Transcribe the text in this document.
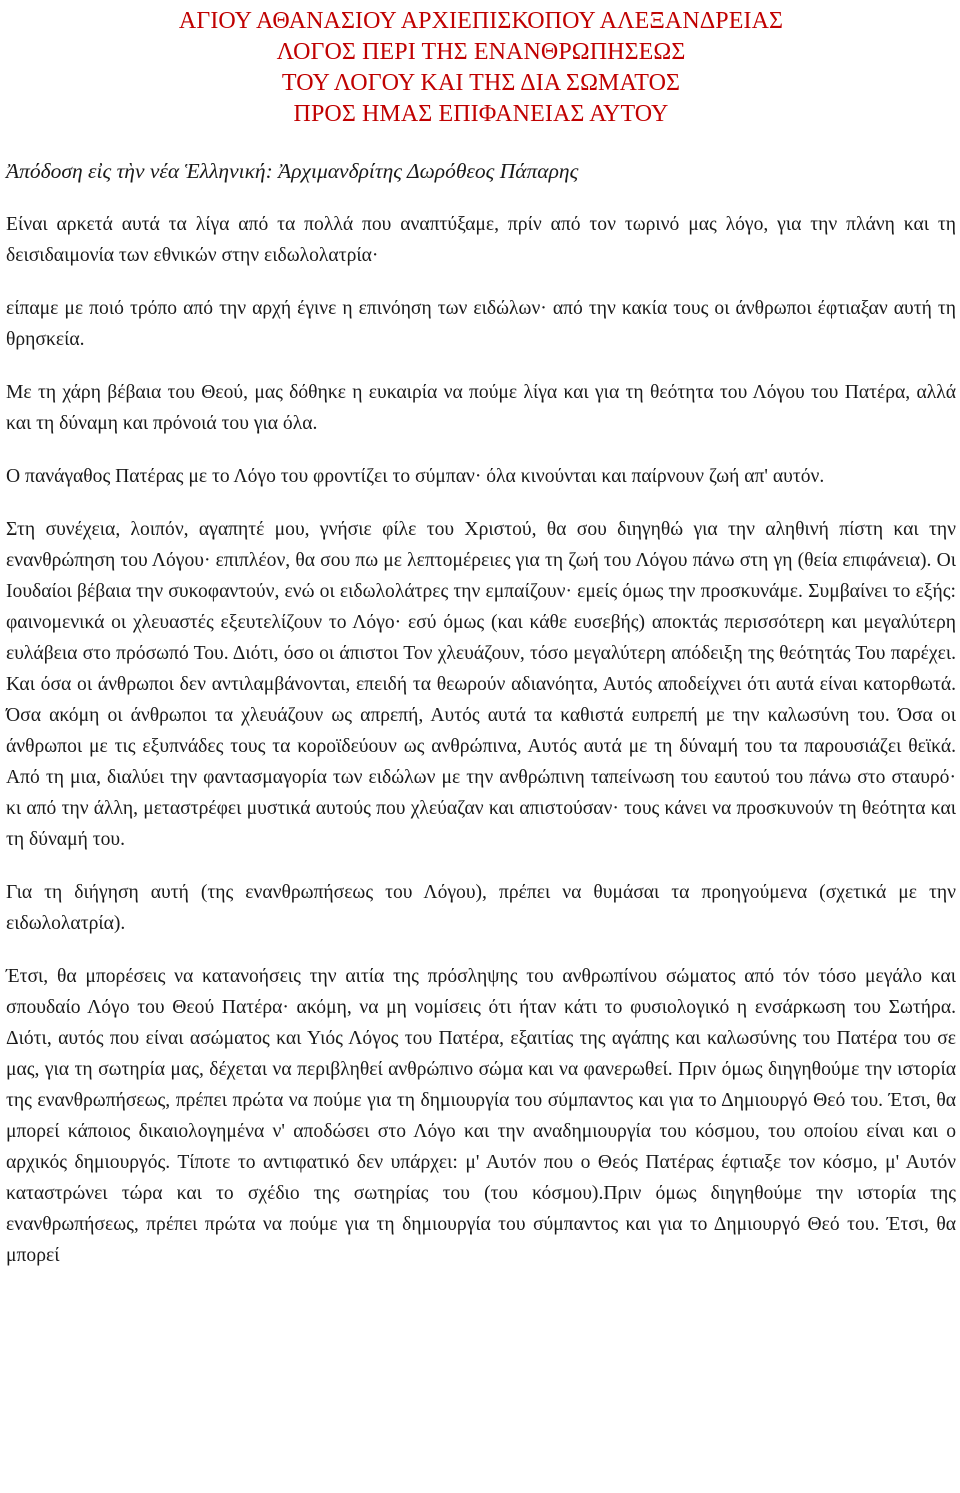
ΑΓΙΟΥ ΑΘΑΝΑΣΙΟΥ ΑΡΧΙΕΠΙΣΚΟΠΟΥ ΑΛΕΞΑΝΔΡΕΙΑΣ
ΛΟΓΟΣ ΠΕΡΙ ΤΗΣ ΕΝΑΝΘΡΩΠΗΣΕΩΣ
ΤΟΥ ΛΟΓΟΥ ΚΑΙ ΤΗΣ ΔΙΑ ΣΩΜΑΤΟΣ
ΠΡΟΣ ΗΜΑΣ ΕΠΙΦΑΝΕΙΑΣ ΑΥΤΟΥ
Ἀπόδοση εἰς τὴν νέα Ἑλληνική: Ἀρχιμανδρίτης Δωρόθεος Πάπαρης

Είναι αρκετά αυτά τα λίγα από τα πολλά που αναπτύξαμε, πρίν από τον τωρινό μας λόγο, για την πλάνη και τη δεισιδαιμονία των εθνικών στην ειδωλολατρία·

είπαμε με ποιό τρόπο από την αρχή έγινε η επινόηση των ειδώλων· από την κακία τους οι άνθρωποι έφτιαξαν αυτή τη θρησκεία.

Με τη χάρη βέβαια του Θεού, μας δόθηκε η ευκαιρία να πούμε λίγα και για τη θεότητα του Λόγου του Πατέρα, αλλά και τη δύναμη και πρόνοιά του για όλα.

Ο πανάγαθος Πατέρας με το Λόγο του φροντίζει το σύμπαν· όλα κινούνται και παίρνουν ζωή απ' αυτόν.

Στη συνέχεια, λοιπόν, αγαπητέ μου, γνήσιε φίλε του Χριστού, θα σου διηγηθώ για την αληθινή πίστη και την ενανθρώπηση του Λόγου· επιπλέον, θα σου πω με λεπτομέρειες για τη ζωή του Λόγου πάνω στη γη (θεία επιφάνεια). Οι Ιουδαίοι βέβαια την συκοφαντούν, ενώ οι ειδωλολάτρες την εμπαίζουν· εμείς όμως την προσκυνάμε. Συμβαίνει το εξής: φαινομενικά οι χλευαστές εξευτελίζουν το Λόγο· εσύ όμως (και κάθε ευσεβής) αποκτάς περισσότερη και μεγαλύτερη ευλάβεια στο πρόσωπό Του. Διότι, όσο οι άπιστοι Τον χλευάζουν, τόσο μεγαλύτερη απόδειξη της θεότητάς Του παρέχει. Και όσα οι άνθρωποι δεν αντιλαμβάνονται, επειδή τα θεωρούν αδιανόητα, Αυτός αποδείχνει ότι αυτά είναι κατορθωτά. Όσα ακόμη οι άνθρωποι τα χλευάζουν ως απρεπή, Αυτός αυτά τα καθιστά ευπρεπή με την καλωσύνη του. Όσα οι άνθρωποι με τις εξυπνάδες τους τα κοροϊδεύουν ως ανθρώπινα, Αυτός αυτά με τη δύναμή του τα παρουσιάζει θεϊκά. Από τη μια, διαλύει την φαντασμαγορία των ειδώλων με την ανθρώπινη ταπείνωση του εαυτού του πάνω στο σταυρό· κι από την άλλη, μεταστρέφει μυστικά αυτούς που χλεύαζαν και απιστούσαν· τους κάνει να προσκυνούν τη θεότητα και τη δύναμή του.

Για τη διήγηση αυτή (της ενανθρωπήσεως του Λόγου), πρέπει να θυμάσαι τα προηγούμενα (σχετικά με την ειδωλολατρία).

Έτσι, θα μπορέσεις να κατανοήσεις την αιτία της πρόσληψης του ανθρωπίνου σώματος από τόν τόσο μεγάλο και σπουδαίο Λόγο του Θεού Πατέρα· ακόμη, να μη νομίσεις ότι ήταν κάτι το φυσιολογικό η ενσάρκωση του Σωτήρα. Διότι, αυτός που είναι ασώματος και Υιός Λόγος του Πατέρα, εξαιτίας της αγάπης και καλωσύνης του Πατέρα του σε μας, για τη σωτηρία μας, δέχεται να περιβληθεί ανθρώπινο σώμα και να φανερωθεί. Πριν όμως διηγηθούμε την ιστορία της ενανθρωπήσεως, πρέπει πρώτα να πούμε για τη δημιουργία του σύμπαντος και για το Δημιουργό Θεό του. Έτσι, θα μπορεί κάποιος δικαιολογημένα ν' αποδώσει στο Λόγο και την αναδημιουργία του κόσμου, του οποίου είναι και ο αρχικός δημιουργός. Τίποτε το αντιφατικό δεν υπάρχει: μ' Αυτόν που ο Θεός Πατέρας έφτιαξε τον κόσμο, μ' Αυτόν καταστρώνει τώρα και το σχέδιο της σωτηρίας του (του κόσμου).Πριν όμως διηγηθούμε την ιστορία της ενανθρωπήσεως, πρέπει πρώτα να πούμε για τη δημιουργία του σύμπαντος και για το Δημιουργό Θεό του. Έτσι, θα μπορεί
